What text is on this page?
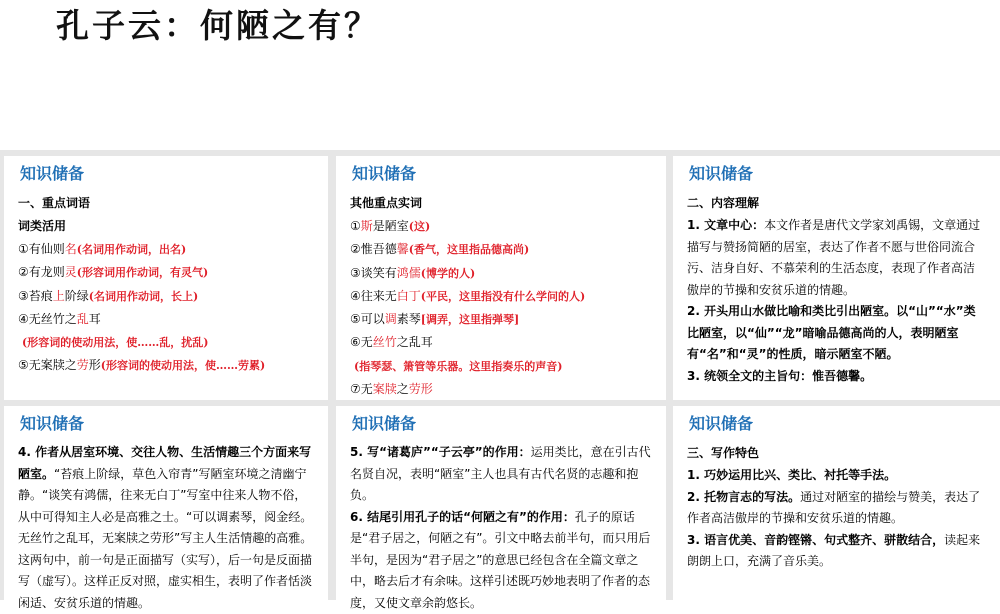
孔子云：何陋之有？
知识储备
一、重点词语
词类活用
①有仙则名(名词用作动词，出名)
②有龙则灵(形容词用作动词，有灵气)
③苔痕上阶绿(名词用作动词，长上)
④无丝竹之乱耳
(形容词的使动用法，使……乱，扰乱)
⑤无案牍之劳形(形容词的使动用法，使……劳累)
知识储备
其他重点实词
①斯是陋室(这)
②惟吾德馨(香气，这里指品德高尚)
③谈笑有鸿儒(博学的人)
④往来无白丁(平民，这里指没有什么学问的人)
⑤可以调素琴[调弄，这里指弹琴]
⑥无丝竹之乱耳
(指琴瑟、箫管等乐器。这里指奏乐的声音)
⑦无案牍之劳形
知识储备
二、内容理解
1. 文章中心：本文作者是唐代文学家刘禹锡，文章通过描写与赞扬简陋的居室，表达了作者不愿与世俗同流合污、洁身自好、不慕荣利的生活态度，表现了作者高洁傲岸的节操和安贫乐道的情趣。
2. 开头用山水做比喻和类比引出陋室。以“山”“水”类比陋室，以“仙”“龙”暗喻品德高尚的人，表明陋室有“名”和“灵”的性质，暗示陋室不陋。
3. 统领全文的主旨句：惟吾德馨。
知识储备
4. 作者从居室环境、交往人物、生活情趣三个方面来写陋室。“苔痕上阶绿，草色入帘青”写陋室环境之清幽宁静。“谈笑有鸿儒，往来无白丁”写室中往来人物不俗，从中可得知主人必是高雅之士。“可以调素琴，阅金经。无丝竹之乱耳，无案牍之劳形”写主人生活情趣的高雅。这两句中，前一句是正面描写（实写），后一句是反面描写（虚写）。这样正反对照，虚实相生，表明了作者恬淡闲适、安贫乐道的情趣。
知识储备
5. 写“诸葛庐”“子云亭”的作用：运用类比，意在引古代名贤自况，表明“陋室”主人也具有古代名贤的志趣和抱负。
6. 结尾引用孔子的话“何陋之有”的作用：孔子的原话是“君子居之，何陋之有”。引文中略去前半句，而只用后半句，是因为“君子居之”的意思已经包含在全篇文章之中，略去后才有余味。这样引述既巧妙地表明了作者的态度，又使文章余韵悠长。
知识储备
三、写作特色
1. 巧妙运用比兴、类比、衬托等手法。
2. 托物言志的写法。通过对陋室的描绘与赞美，表达了作者高洁傲岸的节操和安贫乐道的情趣。
3. 语言优美、音韵铿锵、句式整齐、骈散结合，读起来朗朗上口，充满了音乐美。
